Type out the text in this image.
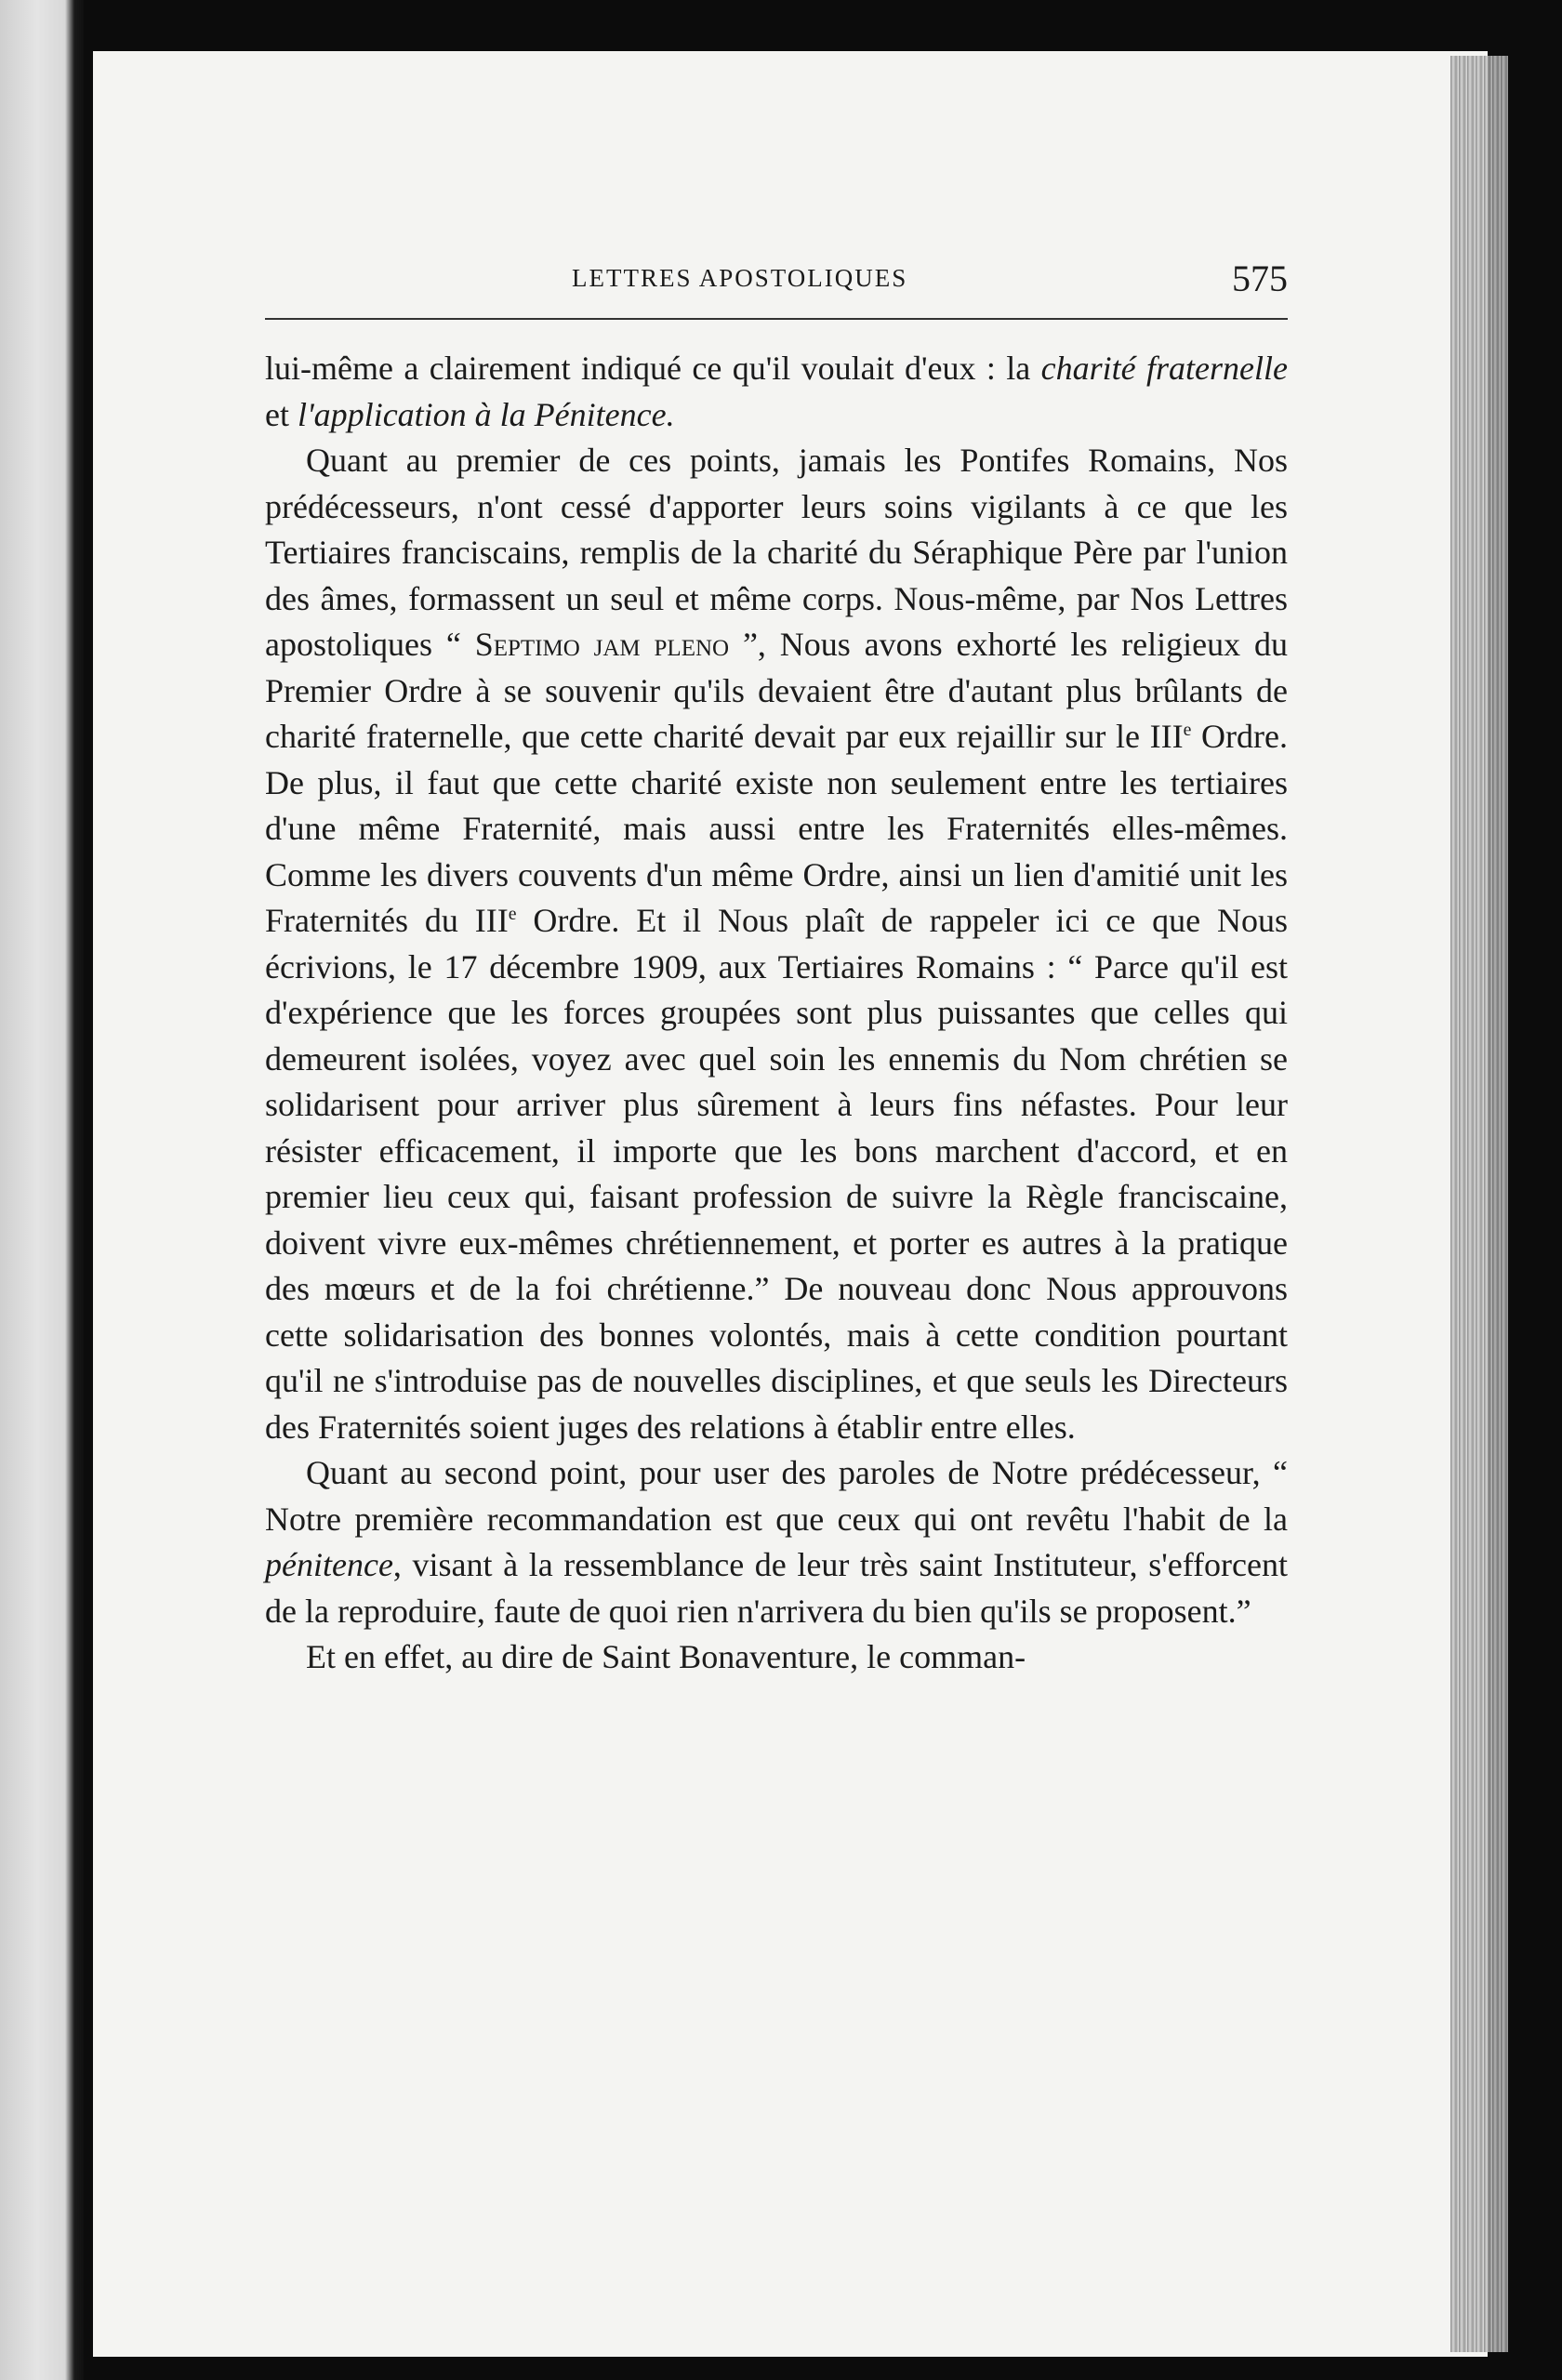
LETTRES APOSTOLIQUES	575

lui-même a clairement indiqué ce qu'il voulait d'eux : la charité fraternelle et l'application à la Pénitence.

Quant au premier de ces points, jamais les Pontifes Romains, Nos prédécesseurs, n'ont cessé d'apporter leurs soins vigilants à ce que les Tertiaires franciscains, remplis de la charité du Séraphique Père par l'union des âmes, formassent un seul et même corps. Nous-même, par Nos Lettres apostoliques “ Septimo jam pleno ”, Nous avons exhorté les religieux du Premier Ordre à se souvenir qu'ils devaient être d'autant plus brûlants de charité fraternelle, que cette charité devait par eux rejaillir sur le IIIe Ordre. De plus, il faut que cette charité existe non seulement entre les tertiaires d'une même Fraternité, mais aussi entre les Fraternités elles-mêmes. Comme les divers couvents d'un même Ordre, ainsi un lien d'amitié unit les Fraternités du IIIe Ordre. Et il Nous plaît de rappeler ici ce que Nous écrivions, le 17 décembre 1909, aux Tertiaires Romains : “ Parce qu'il est d'expérience que les forces groupées sont plus puissantes que celles qui demeurent isolées, voyez avec quel soin les ennemis du Nom chrétien se solidarisent pour arriver plus sûrement à leurs fins néfastes. Pour leur résister efficacement, il importe que les bons marchent d'accord, et en premier lieu ceux qui, faisant profession de suivre la Règle franciscaine, doivent vivre eux-mêmes chrétiennement, et porter es autres à la pratique des mœurs et de la foi chrétienne.” De nouveau donc Nous approuvons cette solidarisation des bonnes volontés, mais à cette condition pourtant qu'il ne s'introduise pas de nouvelles disciplines, et que seuls les Directeurs des Fraternités soient juges des relations à établir entre elles.

Quant au second point, pour user des paroles de Notre prédécesseur, “ Notre première recommandation est que ceux qui ont revêtu l'habit de la pénitence, visant à la ressemblance de leur très saint Instituteur, s'efforcent de la reproduire, faute de quoi rien n'arrivera du bien qu'ils se proposent.”

Et en effet, au dire de Saint Bonaventure, le comman-
